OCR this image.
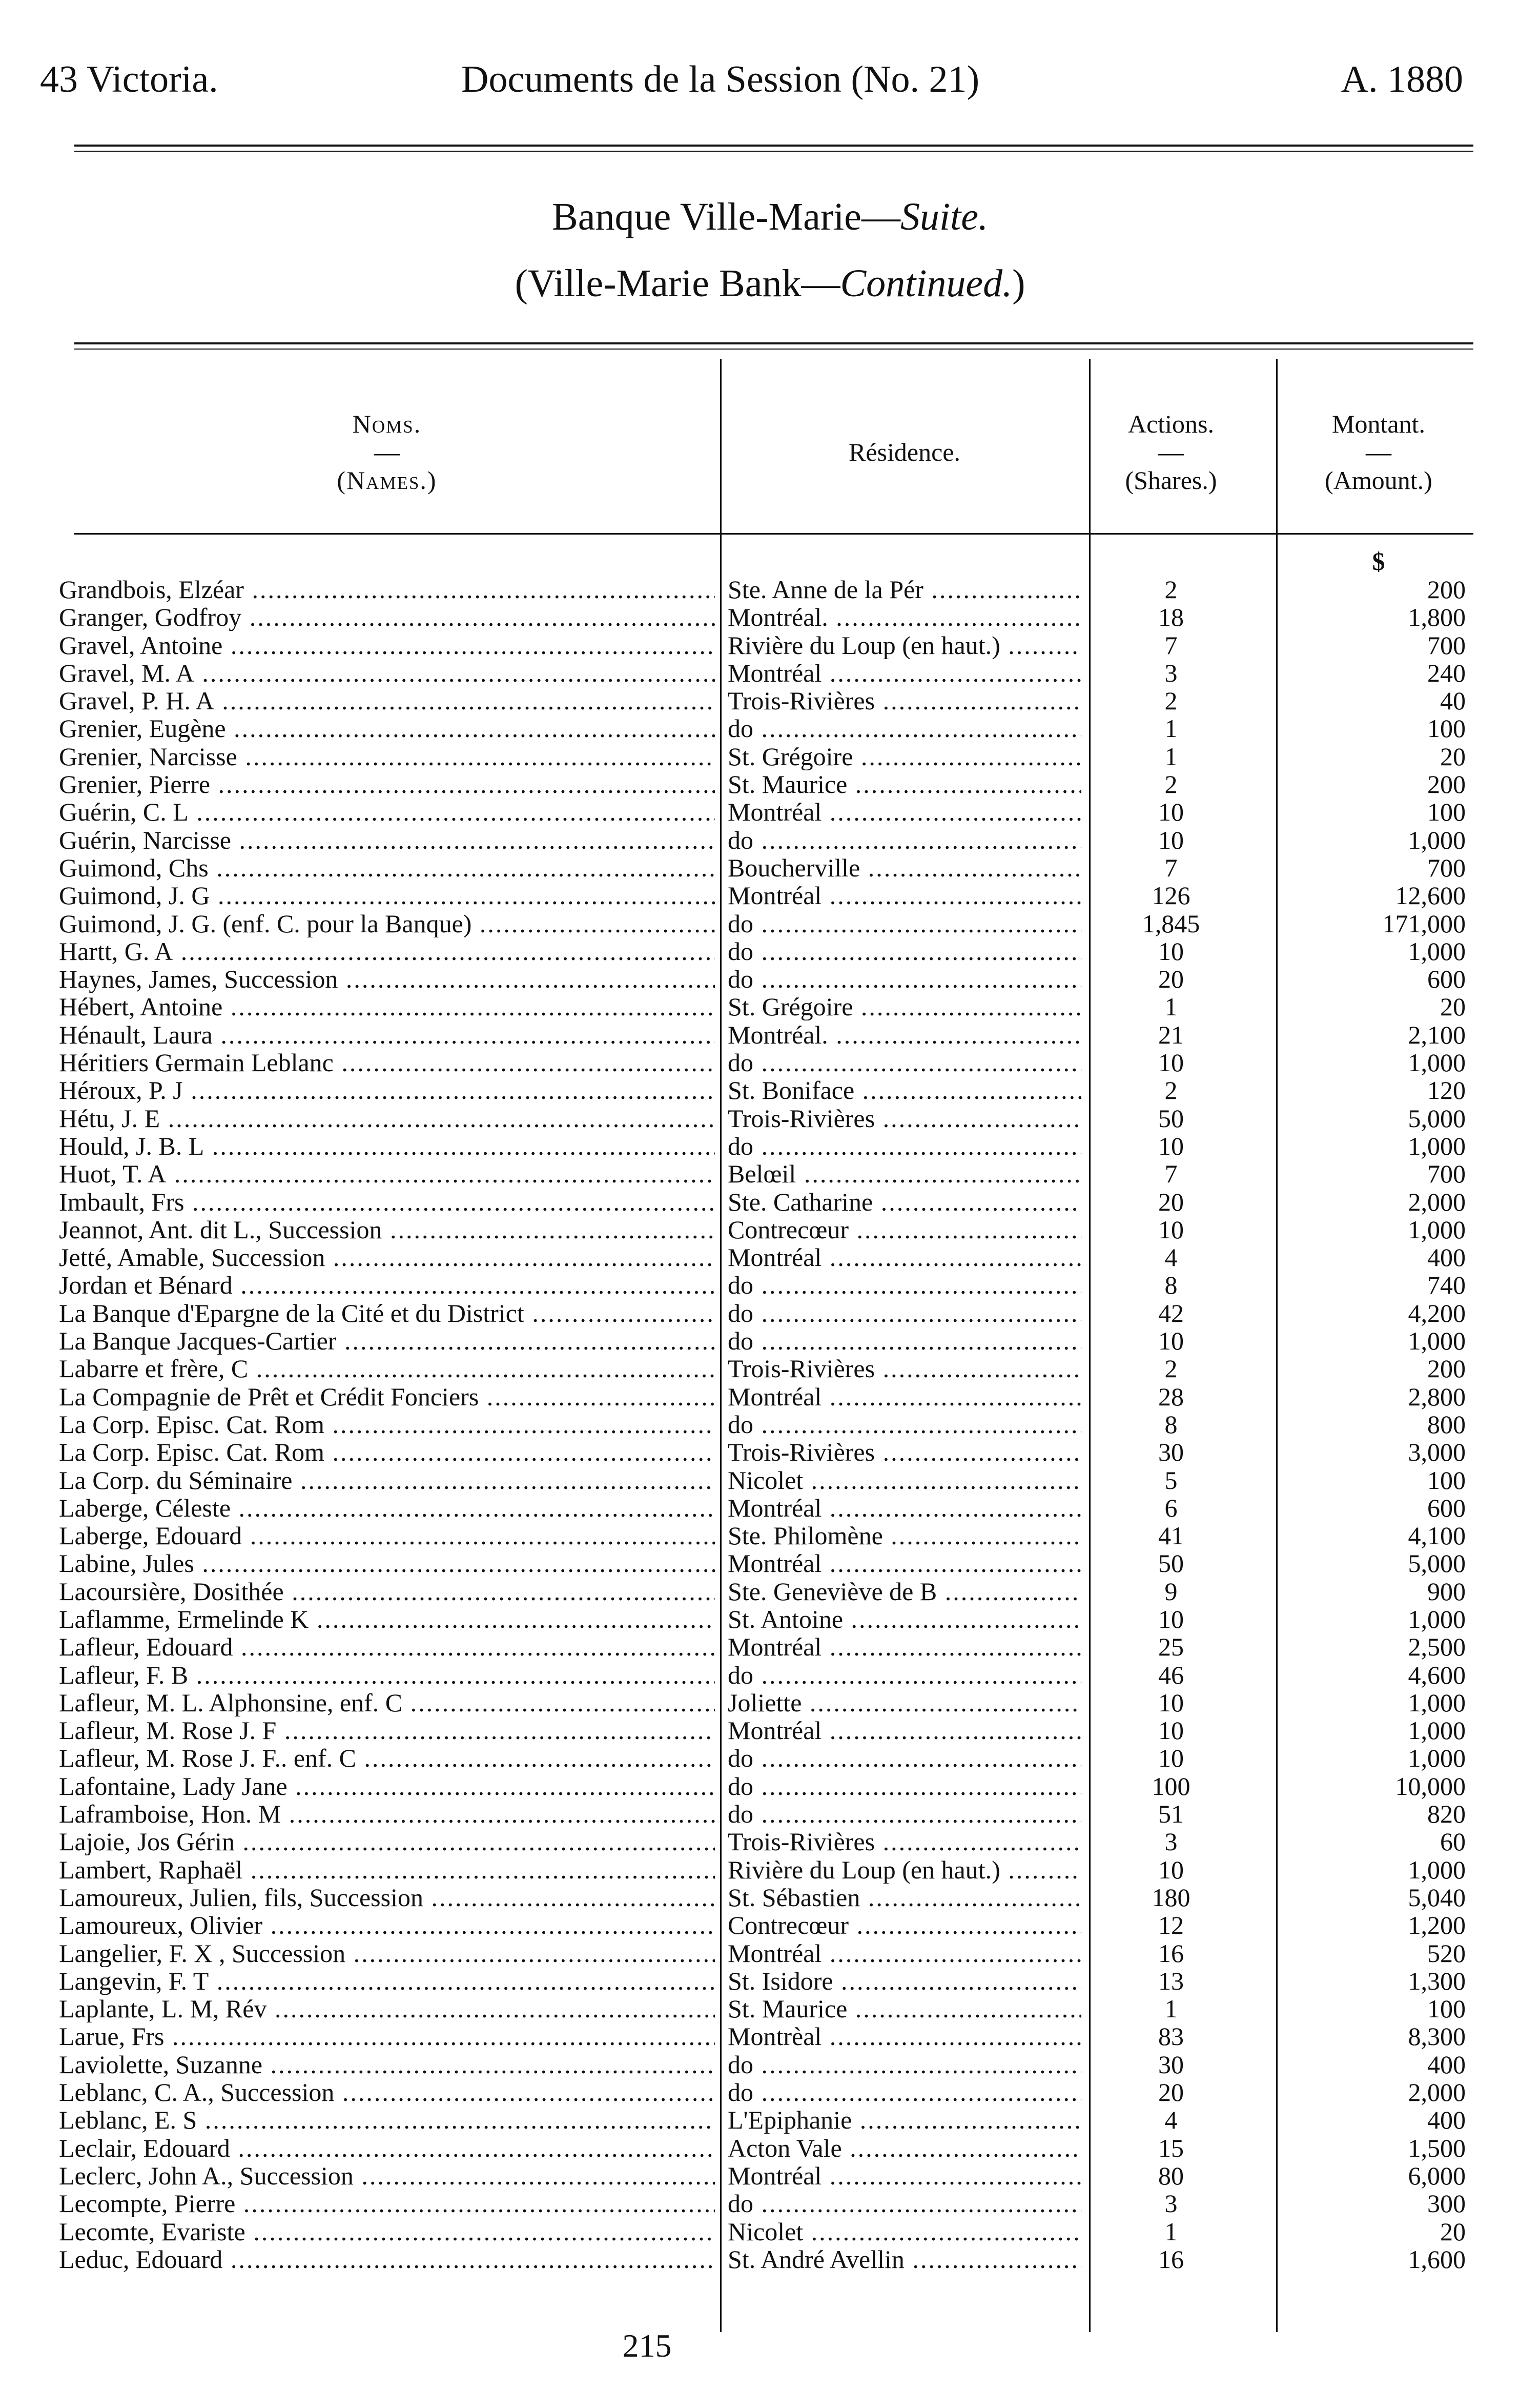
43 Victoria.	Documents de la Session (No. 21)	A. 1880
Banque Ville-Marie—Suite.
(Ville-Marie Bank—Continued.)
Noms.
—
(Names.)
Résidence.
Actions.
—
(Shares.)
Montant.
—
(Amount.)
$
Grandbois, Elzéar .....	Ste. Anne de la Pér .....	2	200
Granger, Godfroy .....	Montréal. .....	18	1,800
Gravel, Antoine .....	Rivière du Loup (en haut.) .....	7	700
Gravel, M. A .....	Montréal .....	3	240
Gravel, P. H. A .....	Trois-Rivières .....	2	40
Grenier, Eugène .....	do .....	1	100
Grenier, Narcisse .....	St. Grégoire .....	1	20
Grenier, Pierre .....	St. Maurice .....	2	200
Guérin, C. L .....	Montréal .....	10	100
Guérin, Narcisse .....	do .....	10	1,000
Guimond, Chs .....	Boucherville .....	7	700
Guimond, J. G .....	Montréal .....	126	12,600
Guimond, J. G. (enf. C. pour la Banque) .....	do .....	1,845	171,000
Hartt, G. A .....	do .....	10	1,000
Haynes, James, Succession .....	do .....	20	600
Hébert, Antoine .....	St. Grégoire .....	1	20
Hénault, Laura .....	Montréal. .....	21	2,100
Héritiers Germain Leblanc .....	do .....	10	1,000
Héroux, P. J .....	St. Boniface .....	2	120
Hétu, J. E .....	Trois-Rivières .....	50	5,000
Hould, J. B. L .....	do .....	10	1,000
Huot, T. A .....	Belœil .....	7	700
Imbault, Frs .....	Ste. Catharine .....	20	2,000
Jeannot, Ant. dit L., Succession .....	Contrecœur .....	10	1,000
Jetté, Amable, Succession .....	Montréal .....	4	400
Jordan et Bénard .....	do .....	8	740
La Banque d'Epargne de la Cité et du District .....	do .....	42	4,200
La Banque Jacques-Cartier .....	do .....	10	1,000
Labarre et frère, C .....	Trois-Rivières .....	2	200
La Compagnie de Prêt et Crédit Fonciers .....	Montréal .....	28	2,800
La Corp. Episc. Cat. Rom .....	do .....	8	800
La Corp. Episc. Cat. Rom .....	Trois-Rivières .....	30	3,000
La Corp. du Séminaire .....	Nicolet .....	5	100
Laberge, Céleste .....	Montréal .....	6	600
Laberge, Edouard .....	Ste. Philomène .....	41	4,100
Labine, Jules .....	Montréal .....	50	5,000
Lacoursière, Dosithée .....	Ste. Geneviève de B .....	9	900
Laflamme, Ermelinde K .....	St. Antoine .....	10	1,000
Lafleur, Edouard .....	Montréal .....	25	2,500
Lafleur, F. B .....	do .....	46	4,600
Lafleur, M. L. Alphonsine, enf. C .....	Joliette .....	10	1,000
Lafleur, M. Rose J. F .....	Montréal .....	10	1,000
Lafleur, M. Rose J. F.. enf. C .....	do .....	10	1,000
Lafontaine, Lady Jane .....	do .....	100	10,000
Laframboise, Hon. M .....	do .....	51	820
Lajoie, Jos Gérin .....	Trois-Rivières .....	3	60
Lambert, Raphaël .....	Rivière du Loup (en haut.) .....	10	1,000
Lamoureux, Julien, fils, Succession .....	St. Sébastien .....	180	5,040
Lamoureux, Olivier .....	Contrecœur .....	12	1,200
Langelier, F. X , Succession .....	Montréal .....	16	520
Langevin, F. T .....	St. Isidore .....	13	1,300
Laplante, L. M, Rév .....	St. Maurice .....	1	100
Larue, Frs .....	Montrèal .....	83	8,300
Laviolette, Suzanne .....	do .....	30	400
Leblanc, C. A., Succession .....	do .....	20	2,000
Leblanc, E. S .....	L'Epiphanie .....	4	400
Leclair, Edouard .....	Acton Vale .....	15	1,500
Leclerc, John A., Succession .....	Montréal .....	80	6,000
Lecompte, Pierre .....	do .....	3	300
Lecomte, Evariste .....	Nicolet .....	1	20
Leduc, Edouard .....	St. André Avellin .....	16	1,600
215
